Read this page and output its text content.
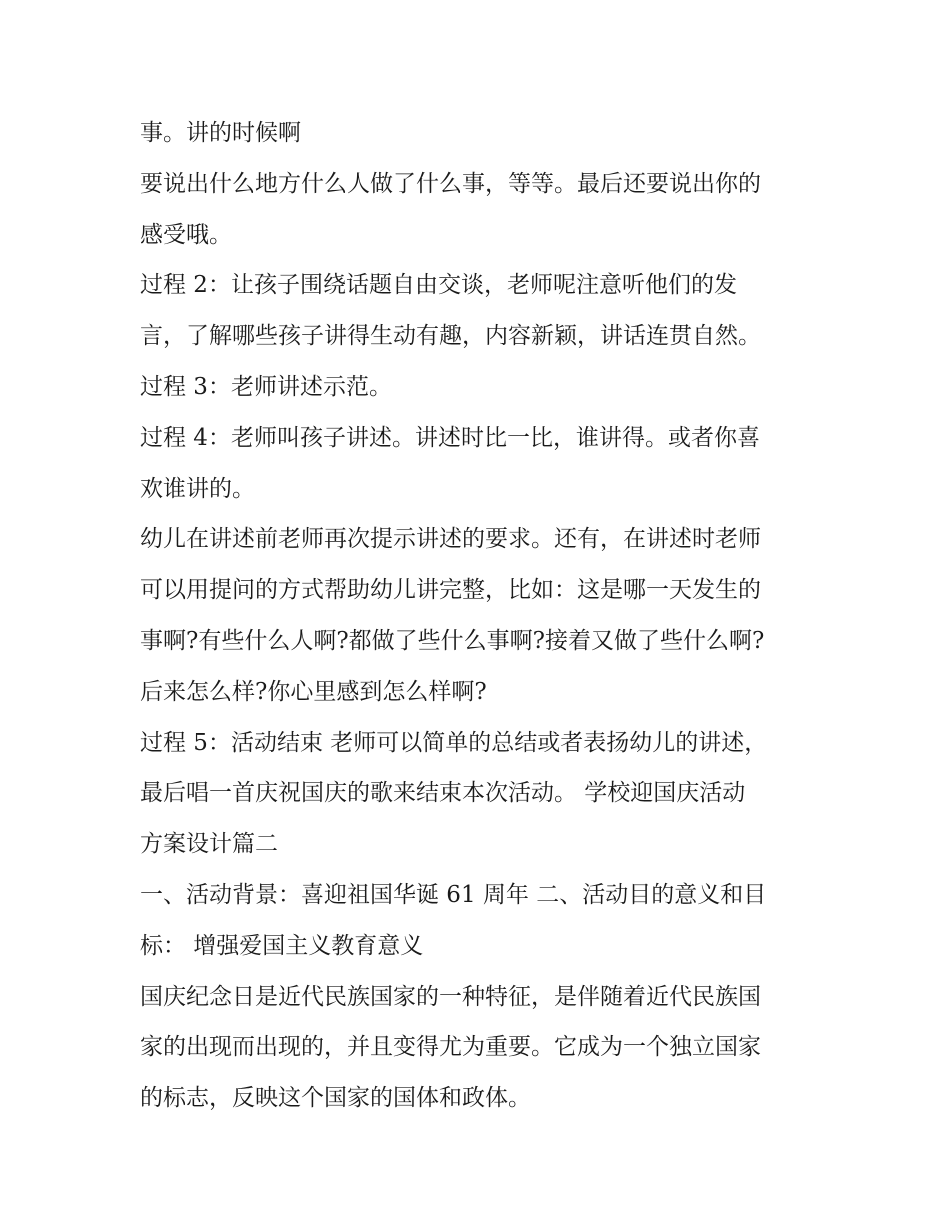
事。讲的时候啊
要说出什么地方什么人做了什么事，等等。最后还要说出你的
感受哦。
过程 2：让孩子围绕话题自由交谈，老师呢注意听他们的发
言，了解哪些孩子讲得生动有趣，内容新颖，讲话连贯自然。
过程 3：老师讲述示范。
过程 4：老师叫孩子讲述。讲述时比一比，谁讲得。或者你喜
欢谁讲的。
幼儿在讲述前老师再次提示讲述的要求。还有，在讲述时老师
可以用提问的方式帮助幼儿讲完整，比如：这是哪一天发生的
事啊?有些什么人啊?都做了些什么事啊?接着又做了些什么啊?
后来怎么样?你心里感到怎么样啊?
过程 5：活动结束 老师可以简单的总结或者表扬幼儿的讲述，
最后唱一首庆祝国庆的歌来结束本次活动。 学校迎国庆活动
方案设计篇二
一、活动背景：喜迎祖国华诞 61 周年 二、活动目的意义和目
标： 增强爱国主义教育意义
国庆纪念日是近代民族国家的一种特征，是伴随着近代民族国
家的出现而出现的，并且变得尤为重要。它成为一个独立国家
的标志，反映这个国家的国体和政体。
